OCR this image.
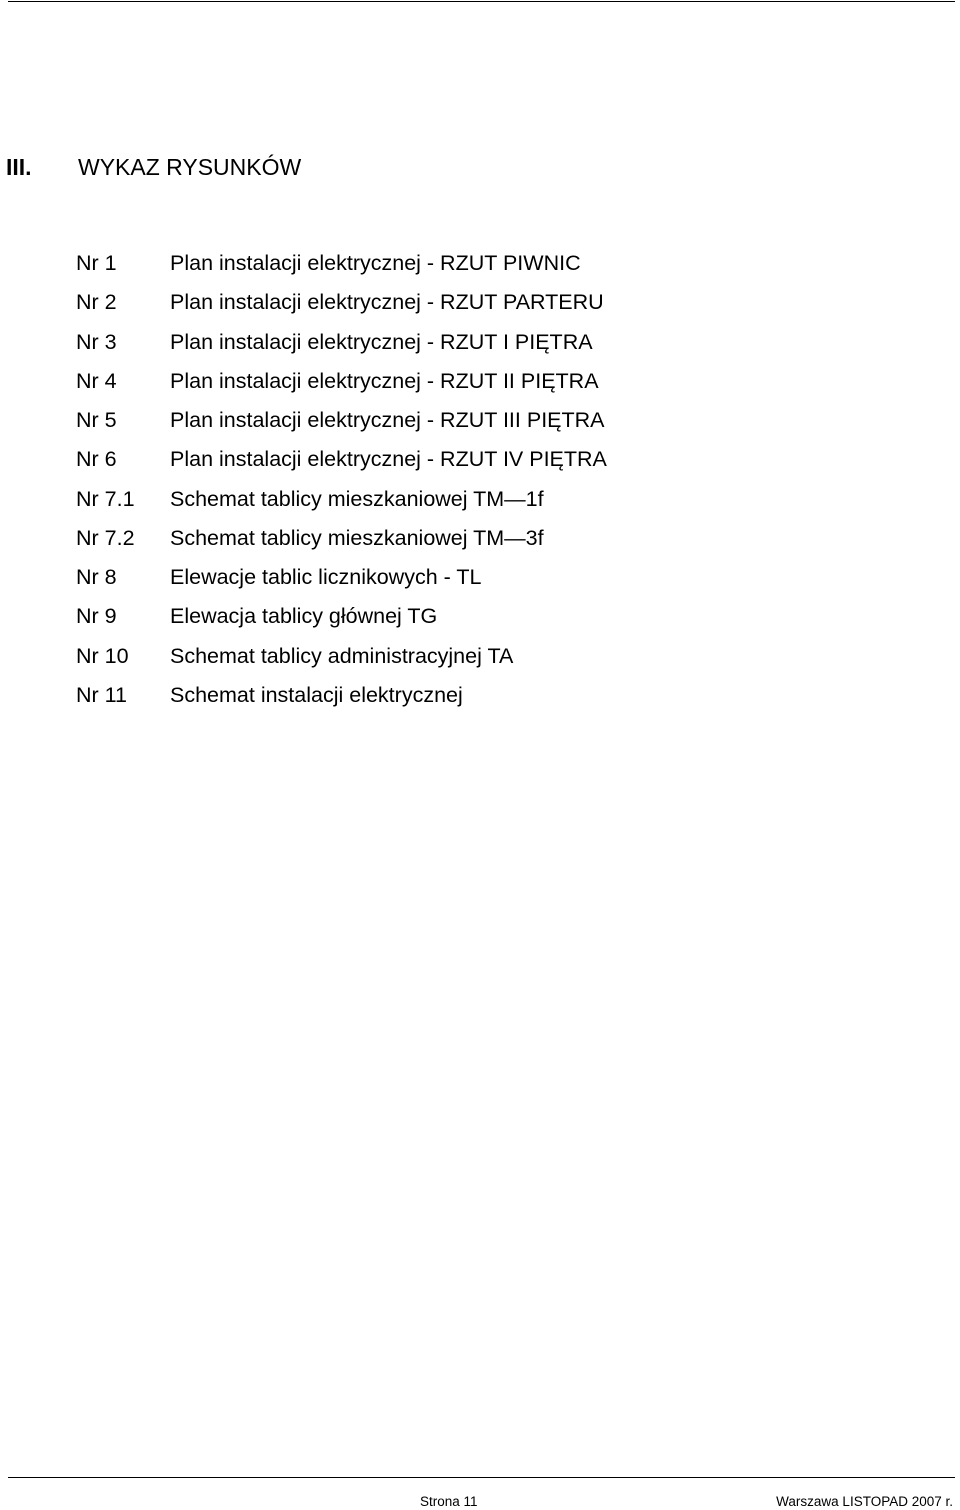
III. WYKAZ RYSUNKÓW
Nr 1 Plan instalacji elektrycznej - RZUT PIWNIC
Nr 2 Plan instalacji elektrycznej - RZUT PARTERU
Nr 3 Plan instalacji elektrycznej - RZUT I PIĘTRA
Nr 4 Plan instalacji elektrycznej - RZUT II PIĘTRA
Nr 5 Plan instalacji elektrycznej - RZUT III PIĘTRA
Nr 6 Plan instalacji elektrycznej - RZUT IV PIĘTRA
Nr 7.1 Schemat tablicy mieszkaniowej TM—1f
Nr 7.2 Schemat tablicy mieszkaniowej TM—3f
Nr 8 Elewacje tablic licznikowych - TL
Nr 9 Elewacja tablicy głównej TG
Nr 10 Schemat tablicy administracyjnej TA
Nr 11 Schemat instalacji elektrycznej
Strona 11	Warszawa LISTOPAD 2007 r.
